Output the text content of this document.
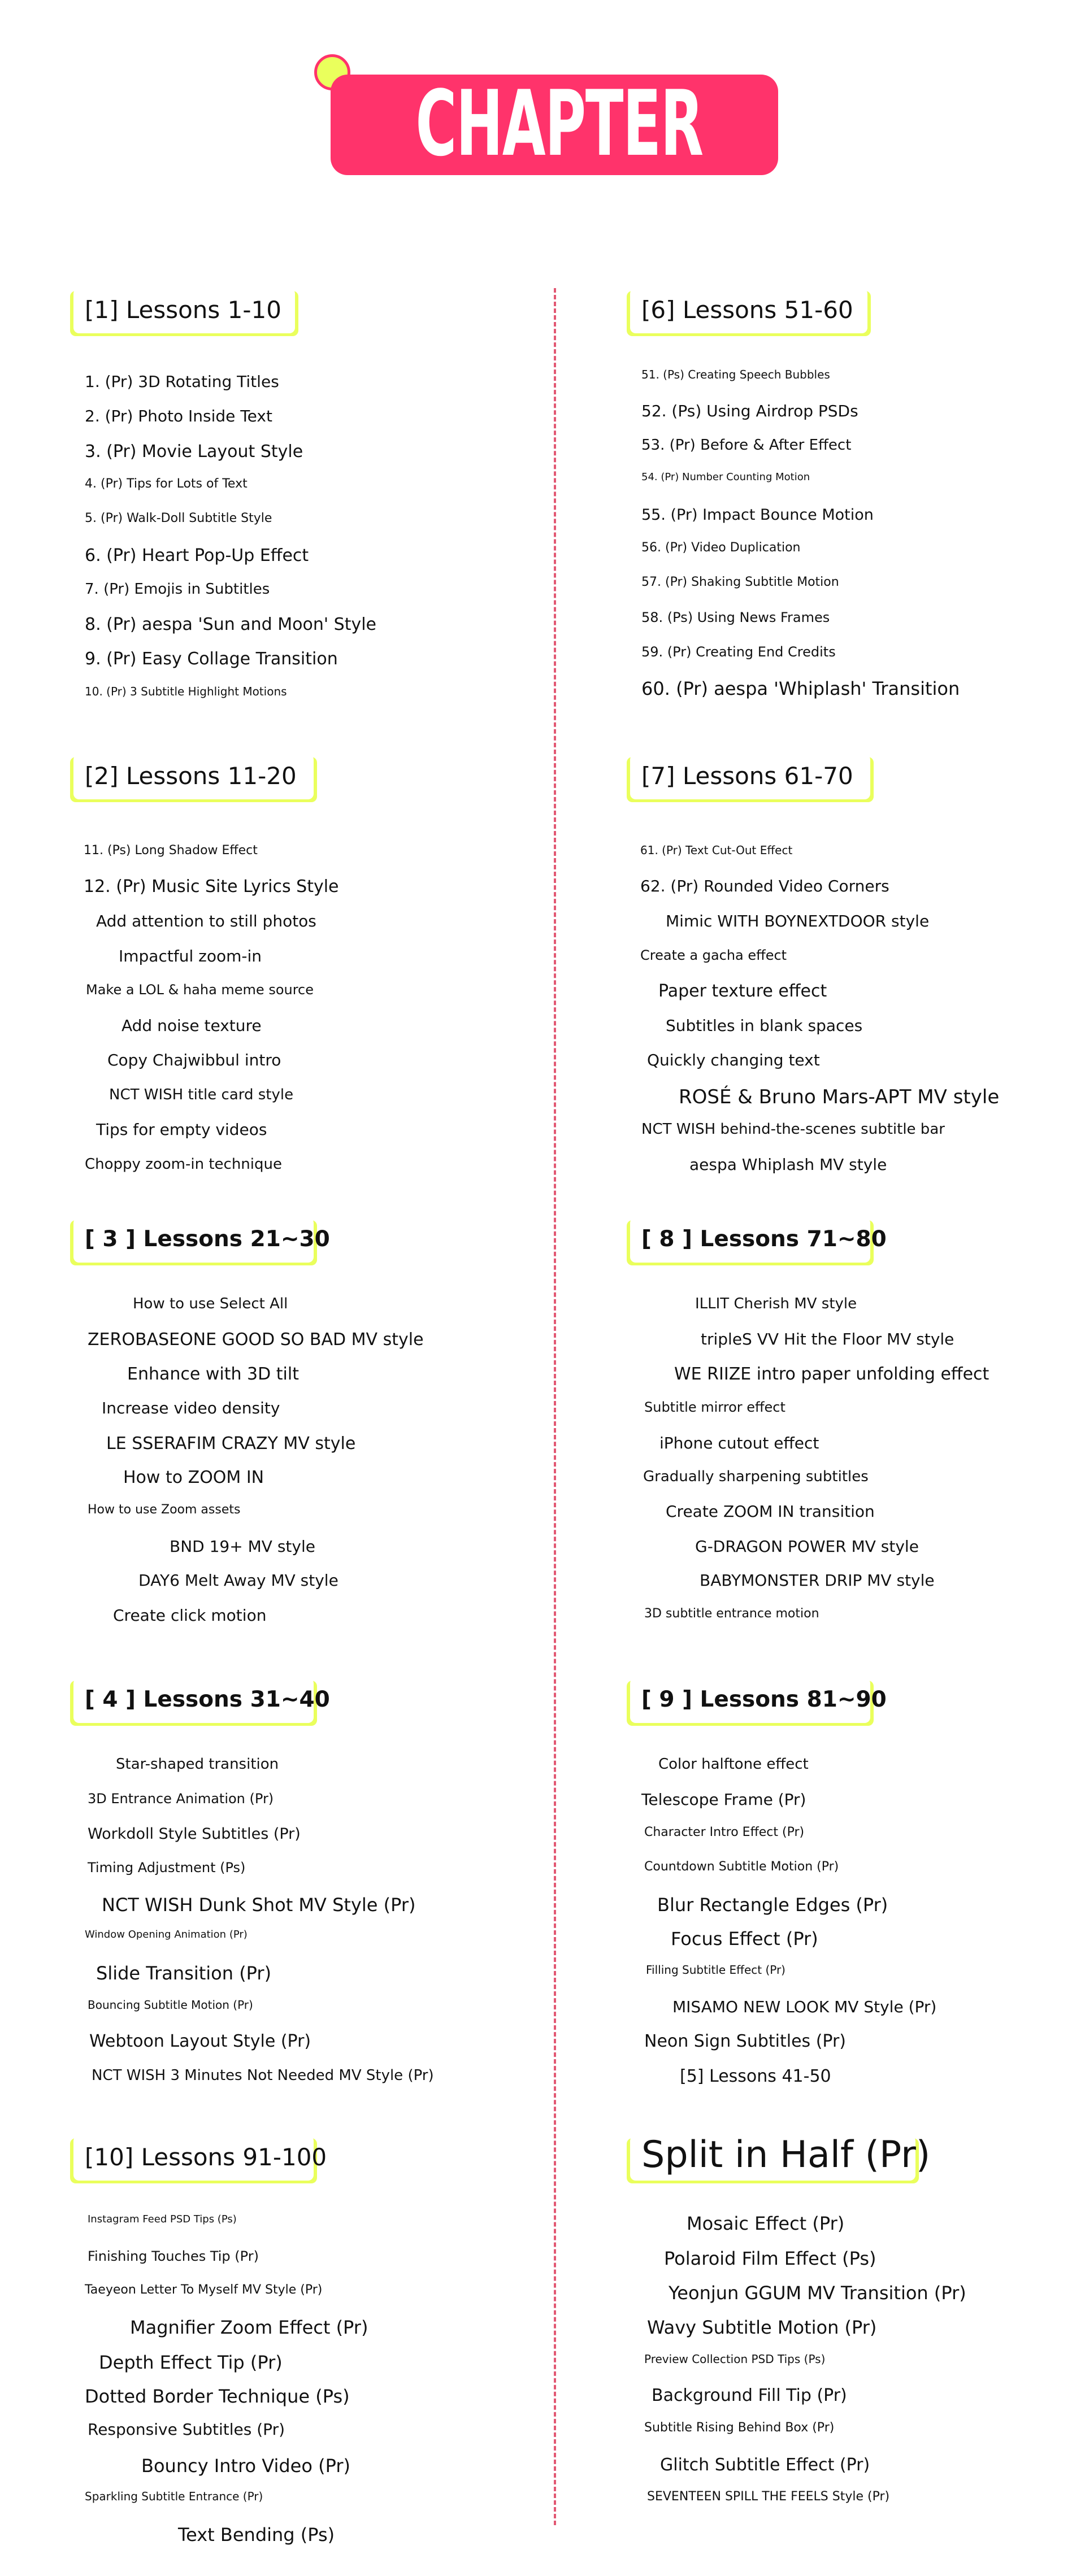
CHAPTER
[1] Lessons 1-10
1. (Pr) 3D Rotating Titles
2. (Pr) Photo Inside Text
3. (Pr) Movie Layout Style
4. (Pr) Tips for Lots of Text
5. (Pr) Walk-Doll Subtitle Style
6. (Pr) Heart Pop-Up Effect
7. (Pr) Emojis in Subtitles
8. (Pr) aespa 'Sun and Moon' Style
9. (Pr) Easy Collage Transition
10. (Pr) 3 Subtitle Highlight Motions
[6] Lessons 51-60
51. (Ps) Creating Speech Bubbles
52. (Ps) Using Airdrop PSDs
53. (Pr) Before & After Effect
54. (Pr) Number Counting Motion
55. (Pr) Impact Bounce Motion
56. (Pr) Video Duplication
57. (Pr) Shaking Subtitle Motion
58. (Ps) Using News Frames
59. (Pr) Creating End Credits
60. (Pr) aespa 'Whiplash' Transition
[2] Lessons 11-20
11. (Ps) Long Shadow Effect
12. (Pr) Music Site Lyrics Style
Add attention to still photos
Impactful zoom-in
Make a LOL & haha meme source
Add noise texture
Copy Chajwibbul intro
NCT WISH title card style
Tips for empty videos
Choppy zoom-in technique
[7] Lessons 61-70
61. (Pr) Text Cut-Out Effect
62. (Pr) Rounded Video Corners
Mimic WITH BOYNEXTDOOR style
Create a gacha effect
Paper texture effect
Subtitles in blank spaces
Quickly changing text
ROSÉ & Bruno Mars-APT MV style
NCT WISH behind-the-scenes subtitle bar
aespa Whiplash MV style
[ 3 ] Lessons 21~30
How to use Select All
ZEROBASEONE GOOD SO BAD MV style
Enhance with 3D tilt
Increase video density
LE SSERAFIM CRAZY MV style
How to ZOOM IN
How to use Zoom assets
BND 19+ MV style
DAY6 Melt Away MV style
Create click motion
[ 8 ] Lessons 71~80
ILLIT Cherish MV style
tripleS VV Hit the Floor MV style
WE RIIZE intro paper unfolding effect
Subtitle mirror effect
iPhone cutout effect
Gradually sharpening subtitles
Create ZOOM IN transition
G-DRAGON POWER MV style
BABYMONSTER DRIP MV style
3D subtitle entrance motion
[ 4 ] Lessons 31~40
Star-shaped transition
3D Entrance Animation (Pr)
Workdoll Style Subtitles (Pr)
Timing Adjustment (Ps)
NCT WISH Dunk Shot MV Style (Pr)
Window Opening Animation (Pr)
Slide Transition (Pr)
Bouncing Subtitle Motion (Pr)
Webtoon Layout Style (Pr)
NCT WISH 3 Minutes Not Needed MV Style (Pr)
[ 9 ] Lessons 81~90
Color halftone effect
Telescope Frame (Pr)
Character Intro Effect (Pr)
Countdown Subtitle Motion (Pr)
Blur Rectangle Edges (Pr)
Focus Effect (Pr)
Filling Subtitle Effect (Pr)
MISAMO NEW LOOK MV Style (Pr)
Neon Sign Subtitles (Pr)
[5] Lessons 41-50
[10] Lessons 91-100
Instagram Feed PSD Tips (Ps)
Finishing Touches Tip (Pr)
Taeyeon Letter To Myself MV Style (Pr)
Magnifier Zoom Effect (Pr)
Depth Effect Tip (Pr)
Dotted Border Technique (Ps)
Responsive Subtitles (Pr)
Bouncy Intro Video (Pr)
Sparkling Subtitle Entrance (Pr)
Text Bending (Ps)
Split in Half (Pr)
Mosaic Effect (Pr)
Polaroid Film Effect (Ps)
Yeonjun GGUM MV Transition (Pr)
Wavy Subtitle Motion (Pr)
Preview Collection PSD Tips (Ps)
Background Fill Tip (Pr)
Subtitle Rising Behind Box (Pr)
Glitch Subtitle Effect (Pr)
SEVENTEEN SPILL THE FEELS Style (Pr)
